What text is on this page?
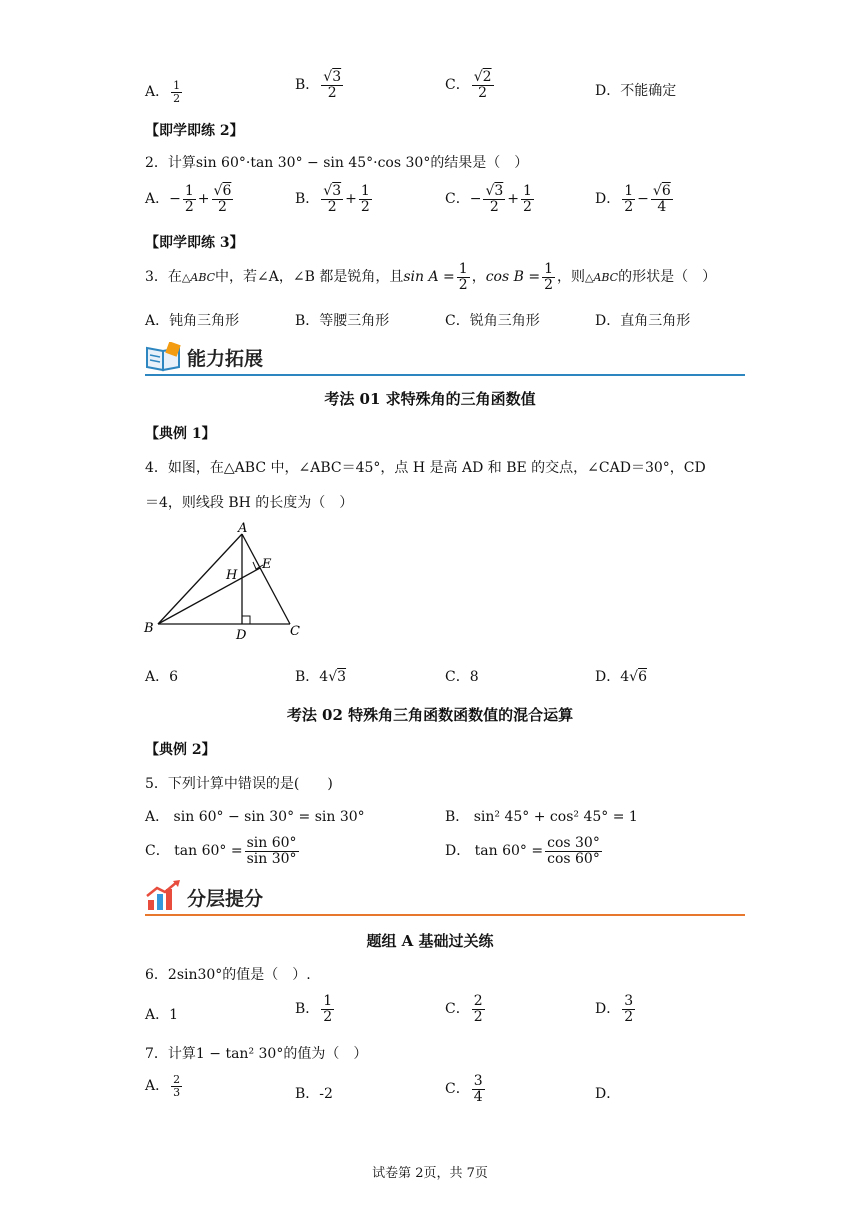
A． $\frac{1}{2}$	B． $\frac{√3}{2}$	C． $\frac{√2}{2}$	D．不能确定
【即学即练 2】
2．计算sin 60°·tan 30° − sin 45°·cos 30°的结果是（　）
A．− $\frac{1}{2} + \frac{√6}{2}$	B． $\frac{√3}{2} + \frac{1}{2}$	C．− $\frac{√3}{2} + \frac{1}{2}$	D． $\frac{1}{2} - \frac{√6}{4}$
【即学即练 3】
3．在△ABC中，若∠A，∠B 都是锐角，且$\sin A = \frac{1}{2}$ ，$\cos B = \frac{1}{2}$ ，则△ABC的形状是（　）
A．钝角三角形	B．等腰三角形	C．锐角三角形	D．直角三角形
能力拓展
考法 01 求特殊角的三角函数值
【典例 1】
4．如图，在△ABC 中，∠ABC＝45°，点 H 是高 AD 和 BE 的交点，∠CAD＝30°，CD
＝4，则线段 BH 的长度为（　）
A
B	C
D
E
H
A．6	B．4√3	C．8	D．4√6
考法 02 特殊角三角函数函数值的混合运算
【典例 2】
5．下列计算中错误的是(　　)
A． sin 60° − sin 30° = sin 30°	B． sin² 45° + cos² 45° = 1
C． $\tan 60^\circ = \frac{\sin 60^\circ}{\sin 30^\circ}$	D． $\tan 60^\circ = \frac{\cos 30^\circ}{\cos 60^\circ}$
分层提分
题组 A 基础过关练
6．2sin30°的值是（　）.
A．1	B． $\frac{1}{2}$	C． $\frac{2}{2}$	D． $\frac{3}{2}$
7．计算1 − tan² 30°的值为（　）
A． $\frac{2}{3}$	B．-2	C． $\frac{3}{4}$	D．
试卷第 2页，共 7页
